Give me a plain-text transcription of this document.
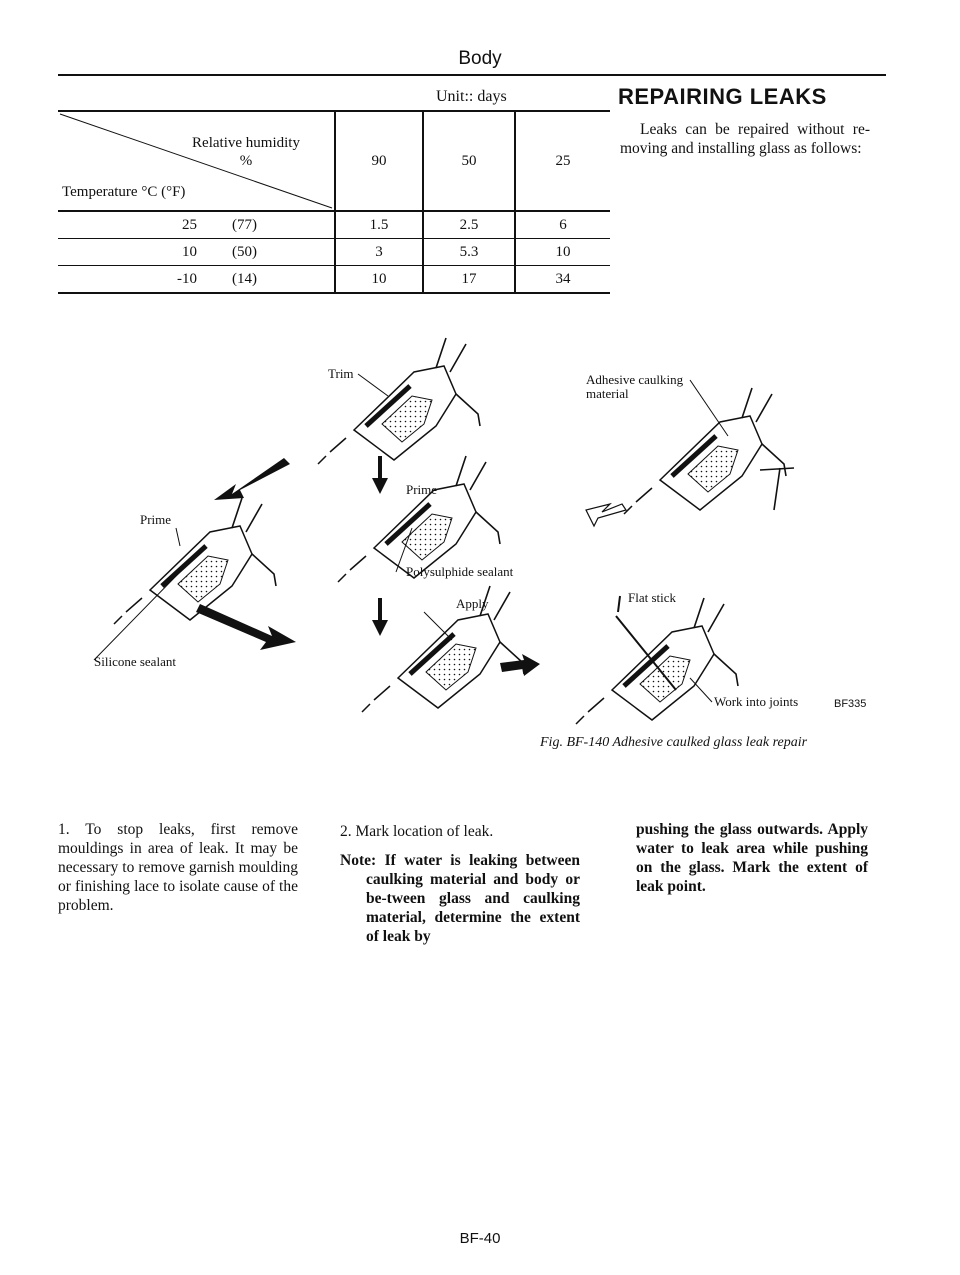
Body
Unit:: days
Relative humidity
%
Temperature °C (°F)	90	50	25
25 (77)	1.5	2.5	6
10 (50)	3	5.3	10
-10 (14)	10	17	34
REPAIRING LEAKS
Leaks can be repaired without re-moving and installing glass as follows:
Trim
Prime
Silicone sealant
Prime
Polysulphide sealant
Apply
Adhesive caulking
material
Flat stick
Work into joints	BF335
Fig. BF-140 Adhesive caulked glass leak repair
1. To stop leaks, first remove mouldings in area of leak. It may be necessary to remove garnish moulding or finishing lace to isolate cause of the problem.
2. Mark location of leak.
Note: If water is leaking between caulking material and body or be-tween glass and caulking material, determine the extent of leak by
pushing the glass outwards. Apply water to leak area while pushing on the glass. Mark the extent of leak point.
BF-40
